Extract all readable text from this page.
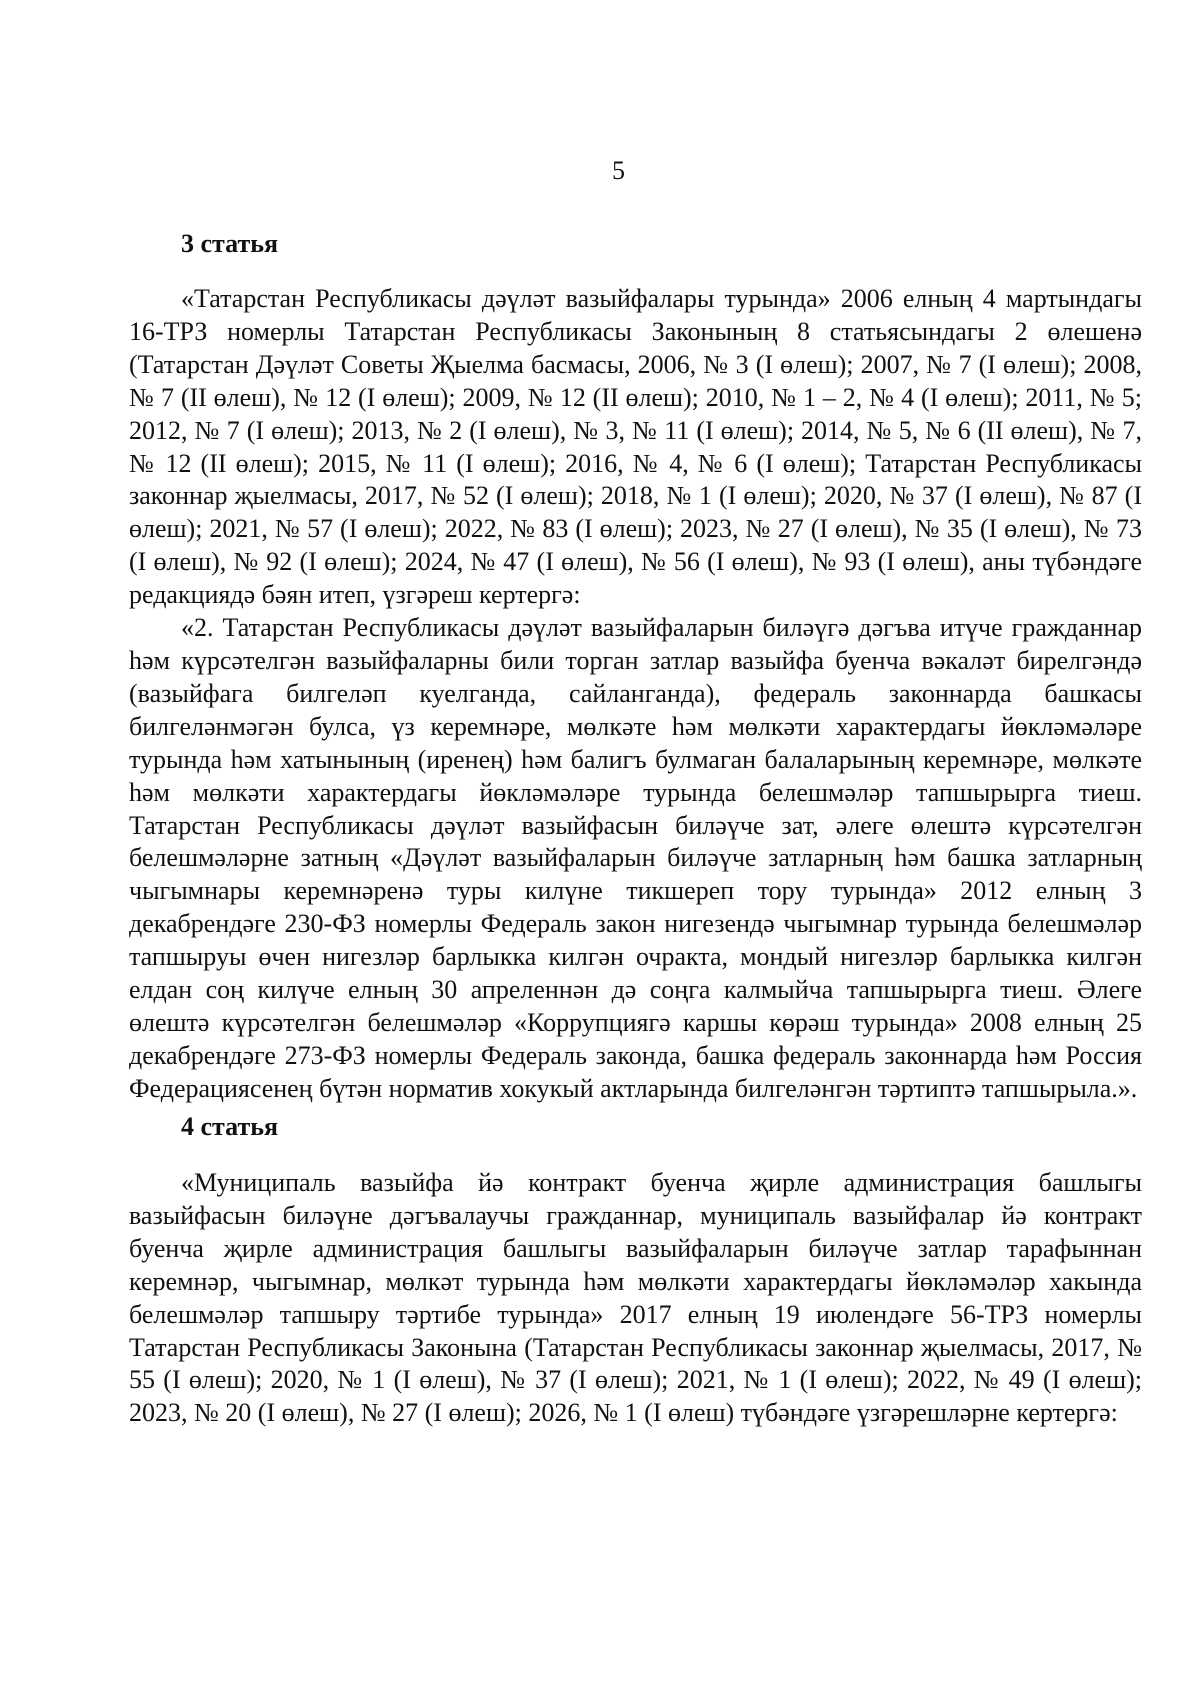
5
3 статья

«Татарстан Республикасы дәүләт вазыйфалары турында» 2006 елның 4 мартындагы 16-ТРЗ номерлы Татарстан Республикасы Законының 8 статьясындагы 2 өлешенә (Татарстан Дәүләт Советы Җыелма басмасы, 2006, № 3 (I өлеш); 2007, № 7 (I өлеш); 2008, № 7 (II өлеш), № 12 (I өлеш); 2009, № 12 (II өлеш); 2010, № 1 – 2, № 4 (I өлеш); 2011, № 5; 2012, № 7 (I өлеш); 2013, № 2 (I өлеш), № 3, № 11 (I өлеш); 2014, № 5, № 6 (II өлеш), № 7, № 12 (II өлеш); 2015, № 11 (I өлеш); 2016, № 4, № 6 (I өлеш); Татарстан Республикасы законнар җыелмасы, 2017, № 52 (I өлеш); 2018, № 1 (I өлеш); 2020, № 37 (I өлеш), № 87 (I өлеш); 2021, № 57 (I өлеш); 2022, № 83 (I өлеш); 2023, № 27 (I өлеш), № 35 (I өлеш), № 73 (I өлеш), № 92 (I өлеш); 2024, № 47 (I өлеш), № 56 (I өлеш), № 93 (I өлеш), аны түбәндәге редакциядә бәян итеп, үзгәреш кертергә:

«2. Татарстан Республикасы дәүләт вазыйфаларын биләүгә дәгъва итүче гражданнар һәм күрсәтелгән вазыйфаларны били торган затлар вазыйфа буенча вәкаләт бирелгәндә (вазыйфага билгеләп куелганда, сайланганда), федераль законнарда башкасы билгеләнмәгән булса, үз керемнәре, мөлкәте һәм мөлкәти характердагы йөкләмәләре турында һәм хатынының (иренең) һәм балигъ булмаган балаларының керемнәре, мөлкәте һәм мөлкәти характердагы йөкләмәләре турында белешмәләр тапшырырга тиеш. Татарстан Республикасы дәүләт вазыйфасын биләүче зат, әлеге өлештә күрсәтелгән белешмәләрне затның «Дәүләт вазыйфаларын биләүче затларның һәм башка затларның чыгымнары керемнәренә туры килүне тикшереп тору турында» 2012 елның 3 декабрендәге 230-ФЗ номерлы Федераль закон нигезендә чыгымнар турында белешмәләр тапшыруы өчен нигезләр барлыкка килгән очракта, мондый нигезләр барлыкка килгән елдан соң килүче елның 30 апреленнән дә соңга калмыйча тапшырырга тиеш. Әлеге өлештә күрсәтелгән белешмәләр «Коррупциягә каршы көрәш турында» 2008 елның 25 декабрендәге 273-ФЗ номерлы Федераль законда, башка федераль законнарда һәм Россия Федерациясенең бүтән норматив хокукый актларында билгеләнгән тәртиптә тапшырыла.».

4 статья

«Муниципаль вазыйфа йә контракт буенча җирле администрация башлыгы вазыйфасын биләүне дәгъвалаучы гражданнар, муниципаль вазыйфалар йә контракт буенча җирле администрация башлыгы вазыйфаларын биләүче затлар тарафыннан керемнәр, чыгымнар, мөлкәт турында һәм мөлкәти характердагы йөкләмәләр хакында белешмәләр тапшыру тәртибе турында» 2017 елның 19 июлендәге 56-ТРЗ номерлы Татарстан Республикасы Законына (Татарстан Республикасы законнар җыелмасы, 2017, № 55 (I өлеш); 2020, № 1 (I өлеш), № 37 (I өлеш); 2021, № 1 (I өлеш); 2022, № 49 (I өлеш); 2023, № 20 (I өлеш), № 27 (I өлеш); 2026, № 1 (I өлеш) түбәндәге үзгәрешләрне кертергә:
